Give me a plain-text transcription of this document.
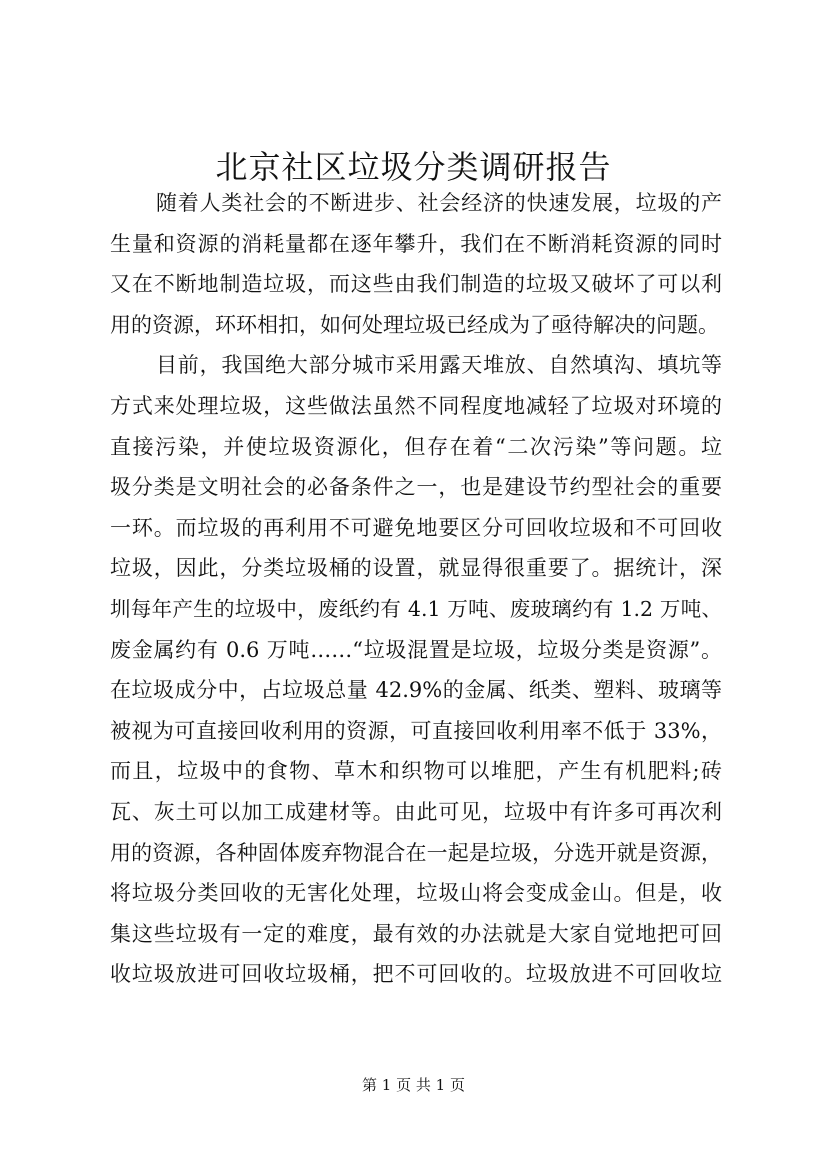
北京社区垃圾分类调研报告
随着人类社会的不断进步、社会经济的快速发展，垃圾的产
生量和资源的消耗量都在逐年攀升，我们在不断消耗资源的同时
又在不断地制造垃圾，而这些由我们制造的垃圾又破坏了可以利
用的资源，环环相扣，如何处理垃圾已经成为了亟待解决的问题。
目前，我国绝大部分城市采用露天堆放、自然填沟、填坑等
方式来处理垃圾，这些做法虽然不同程度地减轻了垃圾对环境的
直接污染，并使垃圾资源化，但存在着“二次污染”等问题。垃
圾分类是文明社会的必备条件之一，也是建设节约型社会的重要
一环。而垃圾的再利用不可避免地要区分可回收垃圾和不可回收
垃圾，因此，分类垃圾桶的设置，就显得很重要了。据统计，深
圳每年产生的垃圾中，废纸约有 4.1 万吨、废玻璃约有 1.2 万吨、
废金属约有 0.6 万吨……“垃圾混置是垃圾，垃圾分类是资源”。
在垃圾成分中，占垃圾总量 42.9%的金属、纸类、塑料、玻璃等
被视为可直接回收利用的资源，可直接回收利用率不低于 33%，
而且，垃圾中的食物、草木和织物可以堆肥，产生有机肥料;砖
瓦、灰土可以加工成建材等。由此可见，垃圾中有许多可再次利
用的资源，各种固体废弃物混合在一起是垃圾，分选开就是资源，
将垃圾分类回收的无害化处理，垃圾山将会变成金山。但是，收
集这些垃圾有一定的难度，最有效的办法就是大家自觉地把可回
收垃圾放进可回收垃圾桶，把不可回收的。垃圾放进不可回收垃
第 1 页 共 1 页
